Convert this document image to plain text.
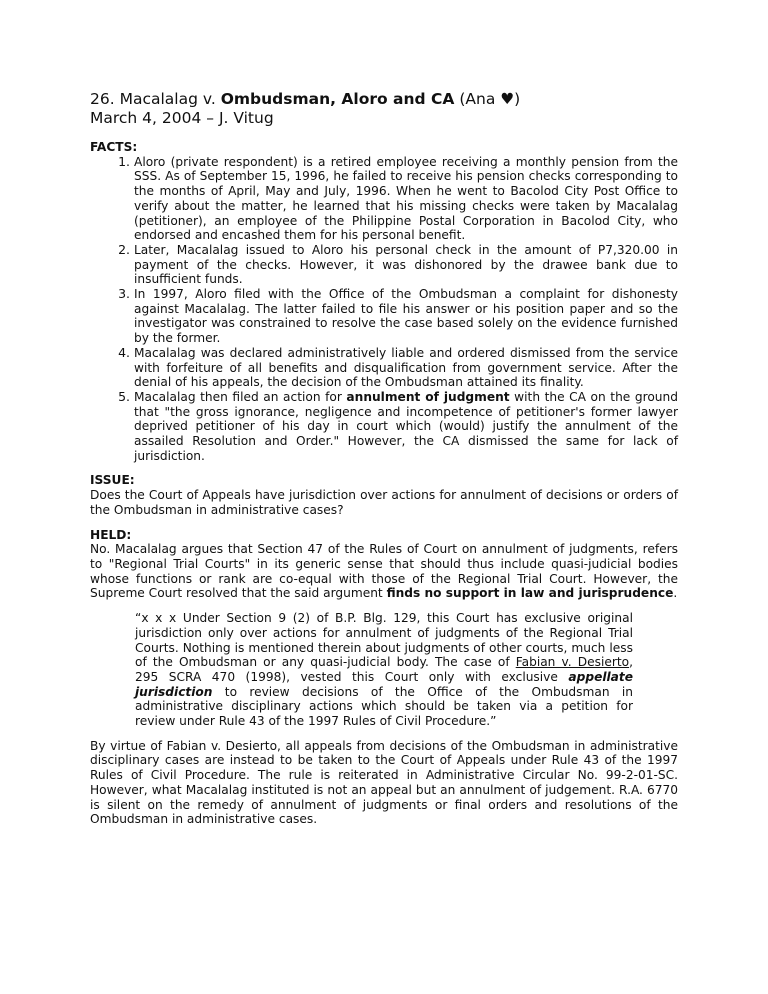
26. Macalalag v. Ombudsman, Aloro and CA (Ana ♥)
March 4, 2004 – J. Vitug
FACTS:
1. Aloro (private respondent) is a retired employee receiving a monthly pension from the SSS. As of September 15, 1996, he failed to receive his pension checks corresponding to the months of April, May and July, 1996. When he went to Bacolod City Post Office to verify about the matter, he learned that his missing checks were taken by Macalalag (petitioner), an employee of the Philippine Postal Corporation in Bacolod City, who endorsed and encashed them for his personal benefit.
2. Later, Macalalag issued to Aloro his personal check in the amount of P7,320.00 in payment of the checks. However, it was dishonored by the drawee bank due to insufficient funds.
3. In 1997, Aloro filed with the Office of the Ombudsman a complaint for dishonesty against Macalalag. The latter failed to file his answer or his position paper and so the investigator was constrained to resolve the case based solely on the evidence furnished by the former.
4. Macalalag was declared administratively liable and ordered dismissed from the service with forfeiture of all benefits and disqualification from government service. After the denial of his appeals, the decision of the Ombudsman attained its finality.
5. Macalalag then filed an action for annulment of judgment with the CA on the ground that "the gross ignorance, negligence and incompetence of petitioner's former lawyer deprived petitioner of his day in court which (would) justify the annulment of the assailed Resolution and Order." However, the CA dismissed the same for lack of jurisdiction.
ISSUE:

Does the Court of Appeals have jurisdiction over actions for annulment of decisions or orders of the Ombudsman in administrative cases?

HELD:

No. Macalalag argues that Section 47 of the Rules of Court on annulment of judgments, refers to "Regional Trial Courts" in its generic sense that should thus include quasi-judicial bodies whose functions or rank are co-equal with those of the Regional Trial Court. However, the Supreme Court resolved that the said argument finds no support in law and jurisprudence.

“x x x Under Section 9 (2) of B.P. Blg. 129, this Court has exclusive original jurisdiction only over actions for annulment of judgments of the Regional Trial Courts. Nothing is mentioned therein about judgments of other courts, much less of the Ombudsman or any quasi-judicial body. The case of Fabian v. Desierto, 295 SCRA 470 (1998), vested this Court only with exclusive appellate jurisdiction to review decisions of the Office of the Ombudsman in administrative disciplinary actions which should be taken via a petition for review under Rule 43 of the 1997 Rules of Civil Procedure.”

By virtue of Fabian v. Desierto, all appeals from decisions of the Ombudsman in administrative disciplinary cases are instead to be taken to the Court of Appeals under Rule 43 of the 1997 Rules of Civil Procedure. The rule is reiterated in Administrative Circular No. 99-2-01-SC. However, what Macalalag instituted is not an appeal but an annulment of judgement. R.A. 6770 is silent on the remedy of annulment of judgments or final orders and resolutions of the Ombudsman in administrative cases.
